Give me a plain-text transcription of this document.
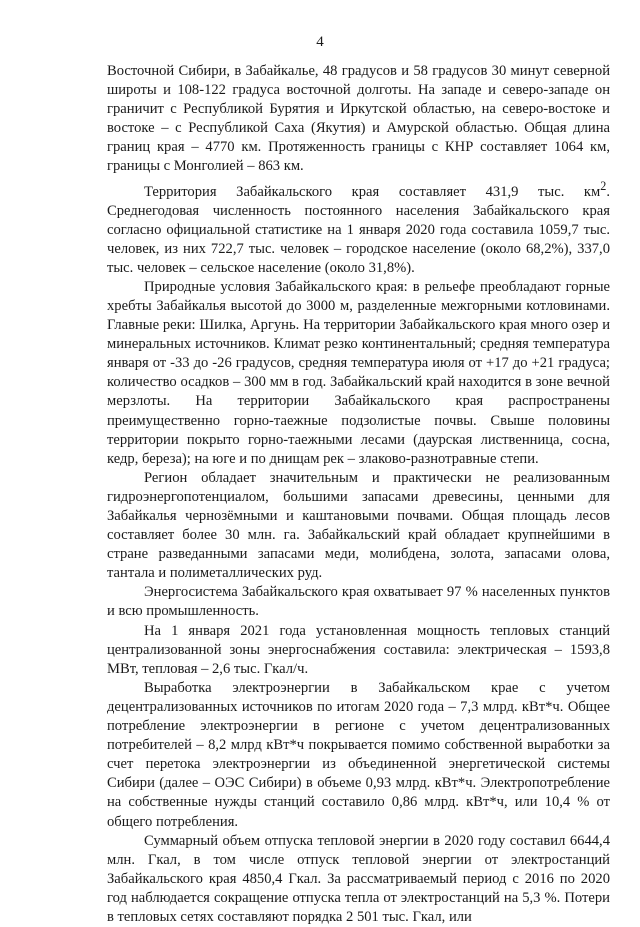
4

Восточной Сибири, в Забайкалье, 48 градусов и 58 градусов 30 минут северной широты и 108-122 градуса восточной долготы. На западе и северо-западе он граничит с Республикой Бурятия и Иркутской областью, на северо-востоке и востоке – с Республикой Саха (Якутия) и Амурской областью. Общая длина границ края – 4770 км. Протяженность границы с КНР составляет 1064 км, границы с Монголией – 863 км.

Территория Забайкальского края составляет 431,9 тыс. $км^2$. Среднегодовая численность постоянного населения Забайкальского края согласно официальной статистике на 1 января 2020 года составила 1059,7 тыс. человек, из них 722,7 тыс. человек – городское население (около 68,2%), 337,0 тыс. человек – сельское население (около 31,8%).

Природные условия Забайкальского края: в рельефе преобладают горные хребты Забайкалья высотой до 3000 м, разделенные межгорными котловинами. Главные реки: Шилка, Аргунь. На территории Забайкальского края много озер и минеральных источников. Климат резко континентальный; средняя температура января от -33 до -26 градусов, средняя температура июля от +17 до +21 градуса; количество осадков – 300 мм в год. Забайкальский край находится в зоне вечной мерзлоты. На территории Забайкальского края распространены преимущественно горно-таежные подзолистые почвы. Свыше половины территории покрыто горно-таежными лесами (даурская лиственница, сосна, кедр, береза); на юге и по днищам рек – злаково-разнотравные степи.

Регион обладает значительным и практически не реализованным гидроэнергопотенциалом, большими запасами древесины, ценными для Забайкалья чернозёмными и каштановыми почвами. Общая площадь лесов составляет более 30 млн. га. Забайкальский край обладает крупнейшими в стране разведанными запасами меди, молибдена, золота, запасами олова, тантала и полиметаллических руд.

Энергосистема Забайкальского края охватывает 97 % населенных пунктов и всю промышленность.

На 1 января 2021 года установленная мощность тепловых станций централизованной зоны энергоснабжения составила: электрическая – 1593,8 МВт, тепловая – 2,6 тыс. Гкал/ч.

Выработка электроэнергии в Забайкальском крае с учетом децентрализованных источников по итогам 2020 года – 7,3 млрд. кВт*ч. Общее потребление электроэнергии в регионе с учетом децентрализованных потребителей – 8,2 млрд кВт*ч покрывается помимо собственной выработки за счет перетока электроэнергии из объединенной энергетической системы Сибири (далее – ОЭС Сибири) в объеме 0,93 млрд. кВт*ч. Электропотребление на собственные нужды станций составило 0,86 млрд. кВт*ч, или 10,4 % от общего потребления.

Суммарный объем отпуска тепловой энергии в 2020 году составил 6644,4 млн. Гкал, в том числе отпуск тепловой энергии от электростанций Забайкальского края 4850,4 Гкал. За рассматриваемый период с 2016 по 2020 год наблюдается сокращение отпуска тепла от электростанций на 5,3 %. Потери в тепловых сетях составляют порядка 2 501 тыс. Гкал, или
